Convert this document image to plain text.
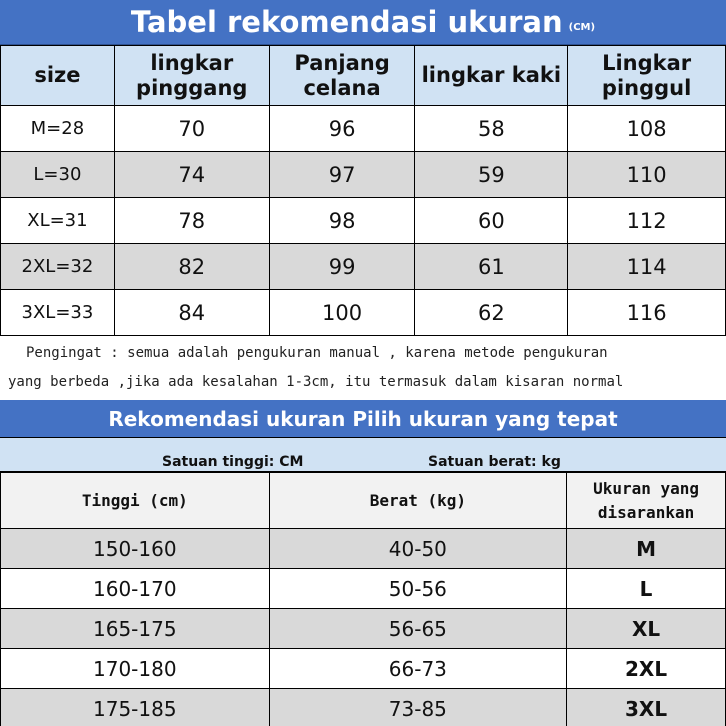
Tabel rekomendasi ukuran (CM)
size	lingkar pinggang	Panjang celana	lingkar kaki	Lingkar pinggul
M=28	70	96	58	108
L=30	74	97	59	110
XL=31	78	98	60	112
2XL=32	82	99	61	114
3XL=33	84	100	62	116
Pengingat : semua adalah pengukuran manual , karena metode pengukuran
yang berbeda ,jika ada kesalahan 1-3cm, itu termasuk dalam kisaran normal
Rekomendasi ukuran Pilih ukuran yang tepat
Satuan tinggi: CM	Satuan berat: kg
Tinggi (cm)	Berat (kg)	Ukuran yang disarankan
150-160	40-50	M
160-170	50-56	L
165-175	56-65	XL
170-180	66-73	2XL
175-185	73-85	3XL
